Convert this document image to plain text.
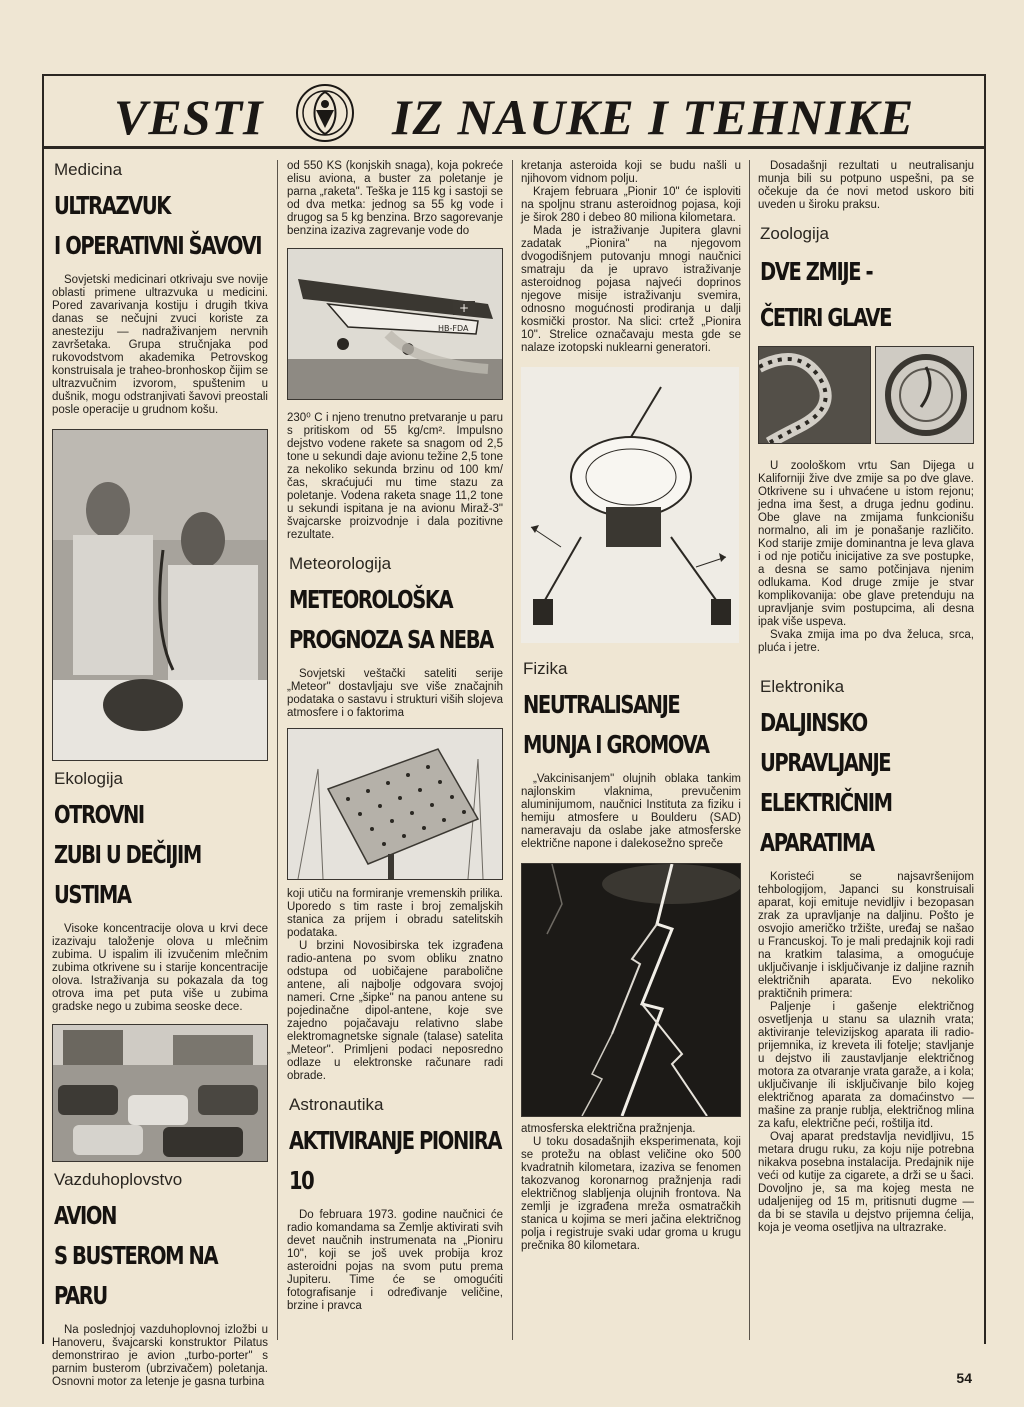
VESTI	IZ NAUKE I TEHNIKE
Medicina
ULTRAZVUK
I OPERATIVNI ŠAVOVI

Sovjetski medicinari otkrivaju sve novije oblasti primene ultrazvuka u medicini. Pored zavarivanja kostiju i drugih tkiva danas se nečujni zvuci koriste za anesteziju — nadraživanjem nervnih završetaka. Grupa stručnjaka pod rukovodstvom akademika Petrovskog konstruisala je traheo-bronhoskop čijim se ultrazvučnim izvorom, spuštenim u dušnik, mogu odstranjivati šavovi preostali posle operacije u grudnom košu.

Ekologija
OTROVNI
ZUBI U DEČIJIM USTIMA

Visoke koncentracije olova u krvi dece izazivaju taloženje olova u mlečnim zubima. U ispalim ili izvučenim mlečnim zubima otkrivene su i starije koncentracije olova. Istraživanja su pokazala da tog otrova ima pet puta više u zubima gradske nego u zubima seoske dece.

Vazduhoplovstvo
AVION
S BUSTEROM NA PARU

Na poslednjoj vazduhoplovnoj izložbi u Hanoveru, švajcarski konstruktor Pilatus demonstrirao je avion „turbo-porter" s parnim busterom (ubrzivačem) poletanja. Osnovni motor za letenje je gasna turbina

od 550 KS (konjskih snaga), koja pokreće elisu aviona, a buster za poletanje je parna „raketa". Teška je 115 kg i sastoji se od dva metka: jednog sa 55 kg vode i drugog sa 5 kg benzina. Brzo sagorevanje benzina izaziva zagrevanje vode do

+
HB-FDA

230⁰ C i njeno trenutno pretvaranje u paru s pritiskom od 55 kg/cm². Impulsno dejstvo vodene rakete sa snagom od 2,5 tone u sekundi daje avionu težine 2,5 tone za nekoliko sekunda brzinu od 100 km/čas, skraćujući mu time stazu za poletanje. Vodena raketa snage 11,2 tone u sekundi ispitana je na avionu Miraž-3" švajcarske proizvodnje i dala pozitivne rezultate.

Meteorologija
METEOROLOŠKA
PROGNOZA SA NEBA

Sovjetski veštački sateliti serije „Meteor" dostavljaju sve više značajnih podataka o sastavu i strukturi viših slojeva atmosfere i o faktorima

koji utiču na formiranje vremenskih prilika. Uporedo s tim raste i broj zemaljskih stanica za prijem i obradu satelitskih podataka.

U brzini Novosibirska tek izgrađena radio-antena po svom obliku znatno odstupa od uobičajene parabolične antene, ali najbolje odgovara svojoj nameri. Crne „šipke" na panou antene su pojedinačne dipol-antene, koje sve zajedno pojačavaju relativno slabe elektromagnetske signale (talase) satelita „Meteor". Primljeni podaci neposredno odlaze u elektronske računare radi obrade.

Astronautika
AKTIVIRANJE PIONIRA 10

Do februara 1973. godine naučnici će radio komandama sa Zemlje aktivirati svih devet naučnih instrumenata na „Pioniru 10", koji se još uvek probija kroz asteroidni pojas na svom putu prema Jupiteru. Time će se omogućiti fotografisanje i određivanje veličine, brzine i pravca

kretanja asteroida koji se budu našli u njihovom vidnom polju.

Krajem februara „Pionir 10" će isploviti na spoljnu stranu asteroidnog pojasa, koji je širok 280 i debeo 80 miliona kilometara.

Mada je istraživanje Jupitera glavni zadatak „Pionira" na njegovom dvogodišnjem putovanju mnogi naučnici smatraju da je upravo istraživanje asteroidnog pojasa najveći doprinos njegove misije istraživanju svemira, odnosno mogućnosti prodiranja u dalji kosmički prostor. Na slici: crtež „Pionira 10". Strelice označavaju mesta gde se nalaze izotopski nuklearni generatori.

Fizika
NEUTRALISANJE
MUNJA I GROMOVA

„Vakcinisanjem" olujnih oblaka tankim najlonskim vlaknima, prevučenim aluminijumom, naučnici Instituta za fiziku i hemiju atmosfere u Boulderu (SAD) nameravaju da oslabe jake atmosferske električne napone i dalekosežno spreče

atmosferska električna pražnjenja.

U toku dosadašnjih eksperimenata, koji se protežu na oblast veličine oko 500 kvadratnih kilometara, izaziva se fenomen takozvanog koronarnog pražnjenja radi električnog slabljenja olujnih frontova. Na zemlji je izgrađena mreža osmatračkih stanica u kojima se meri jačina električnog polja i registruje svaki udar groma u krugu prečnika 80 kilometara.

Dosadašnji rezultati u neutralisanju munja bili su potpuno uspešni, pa se očekuje da će novi metod uskoro biti uveden u široku praksu.

Zoologija
DVE ZMIJE -
ČETIRI GLAVE

U zoološkom vrtu San Dijega u Kaliforniji žive dve zmije sa po dve glave. Otkrivene su i uhvaćene u istom rejonu; jedna ima šest, a druga jednu godinu. Obe glave na zmijama funkcionišu normalno, ali im je ponašanje različito. Kod starije zmije dominantna je leva glava i od nje potiču inicijative za sve postupke, a desna se samo potčinjava njenim odlukama. Kod druge zmije je stvar komplikovanija: obe glave pretenduju na upravljanje svim postupcima, ali desna ipak više uspeva.

Svaka zmija ima po dva želuca, srca, pluća i jetre.

Elektronika
DALJINSKO
UPRAVLJANJE
ELEKTRIČNIM APARATIMA

Koristeći se najsavršenijom tehbologijom, Japanci su konstruisali aparat, koji emituje nevidljiv i bezopasan zrak za upravljanje na daljinu. Pošto je osvojio američko tržište, uređaj se našao u Francuskoj. To je mali predajnik koji radi na kratkim talasima, a omogućuje uključivanje i isključivanje iz daljine raznih električnih aparata. Evo nekoliko praktičnih primera:

Paljenje i gašenje električnog osvetljenja u stanu sa ulaznih vrata; aktiviranje televizijskog aparata ili radio-prijemnika, iz kreveta ili fotelje; stavljanje u dejstvo ili zaustavljanje električnog motora za otvaranje vrata garaže, a i kola; uključivanje ili isključivanje bilo kojeg električnog aparata za domaćinstvo — mašine za pranje rublja, električnog mlina za kafu, električne peći, roštilja itd.

Ovaj aparat predstavlja nevidljivu, 15 metara drugu ruku, za koju nije potrebna nikakva posebna instalacija. Predajnik nije veći od kutije za cigarete, a drži se u šaci. Dovoljno je, sa ma kojeg mesta ne udaljenijeg od 15 m, pritisnuti dugme — da bi se stavila u dejstvo prijemna ćelija, koja je veoma osetljiva na ultrazrake.

54
